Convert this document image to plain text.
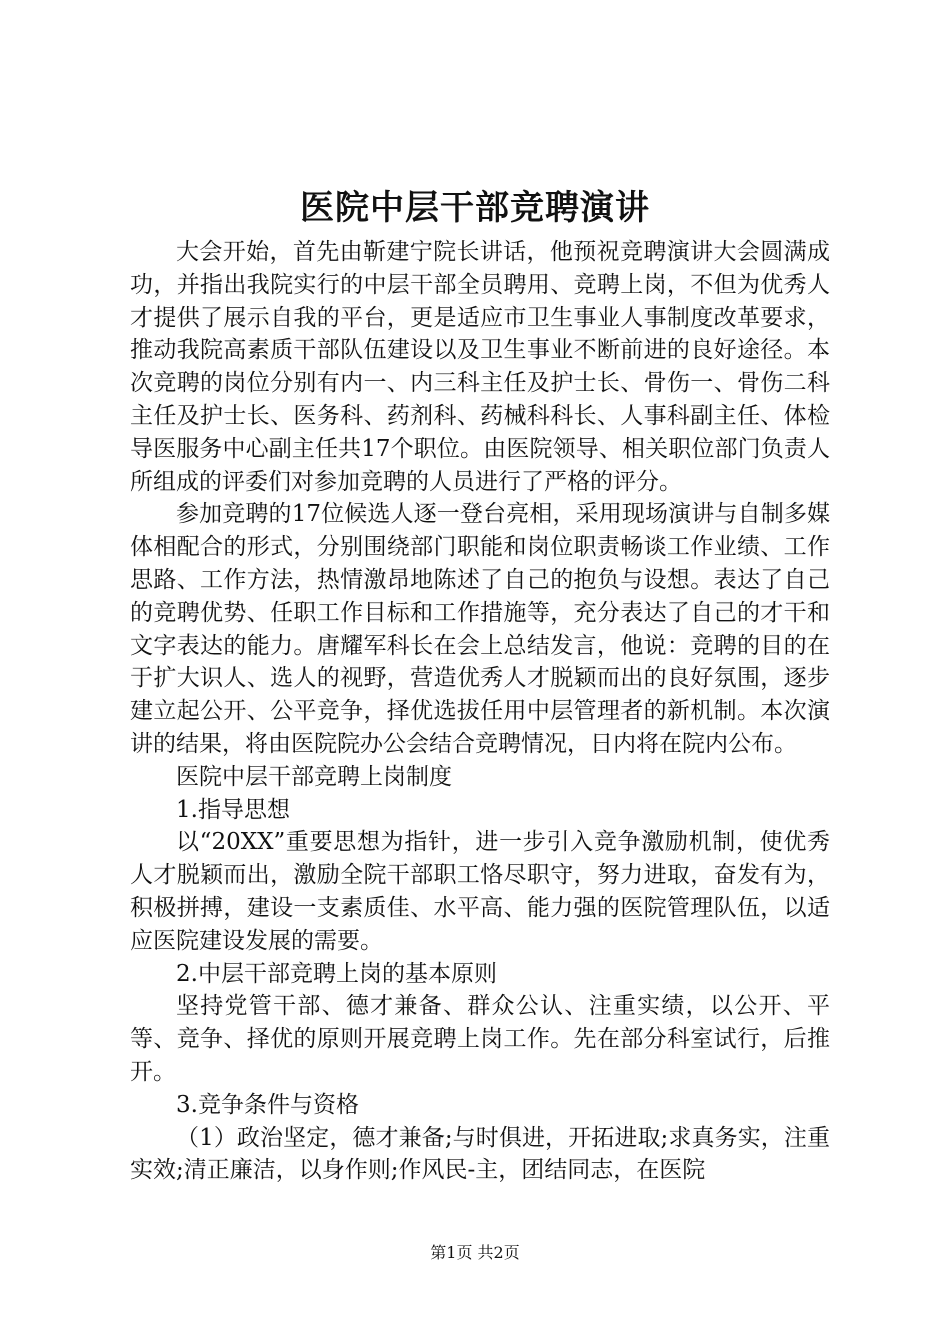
医院中层干部竞聘演讲

大会开始，首先由靳建宁院长讲话，他预祝竞聘演讲大会圆满成功，并指出我院实行的中层干部全员聘用、竞聘上岗，不但为优秀人才提供了展示自我的平台，更是适应市卫生事业人事制度改革要求，推动我院高素质干部队伍建设以及卫生事业不断前进的良好途径。本次竞聘的岗位分别有内一、内三科主任及护士长、骨伤一、骨伤二科主任及护士长、医务科、药剂科、药械科科长、人事科副主任、体检导医服务中心副主任共17个职位。由医院领导、相关职位部门负责人所组成的评委们对参加竞聘的人员进行了严格的评分。

参加竞聘的17位候选人逐一登台亮相，采用现场演讲与自制多媒体相配合的形式，分别围绕部门职能和岗位职责畅谈工作业绩、工作思路、工作方法，热情激昂地陈述了自己的抱负与设想。表达了自己的竞聘优势、任职工作目标和工作措施等，充分表达了自己的才干和文字表达的能力。唐耀军科长在会上总结发言，他说：竞聘的目的在于扩大识人、选人的视野，营造优秀人才脱颖而出的良好氛围，逐步建立起公开、公平竞争，择优选拔任用中层管理者的新机制。本次演讲的结果，将由医院院办公会结合竞聘情况，日内将在院内公布。

医院中层干部竞聘上岗制度

1.指导思想

以“20XX”重要思想为指针，进一步引入竞争激励机制，使优秀人才脱颖而出，激励全院干部职工恪尽职守，努力进取，奋发有为，积极拼搏，建设一支素质佳、水平高、能力强的医院管理队伍，以适应医院建设发展的需要。

2.中层干部竞聘上岗的基本原则

坚持党管干部、德才兼备、群众公认、注重实绩，以公开、平等、竞争、择优的原则开展竞聘上岗工作。先在部分科室试行，后推开。

3.竞争条件与资格

（1）政治坚定，德才兼备;与时俱进，开拓进取;求真务实，注重实效;清正廉洁，以身作则;作风民-主，团结同志，在医院

第1页 共2页
